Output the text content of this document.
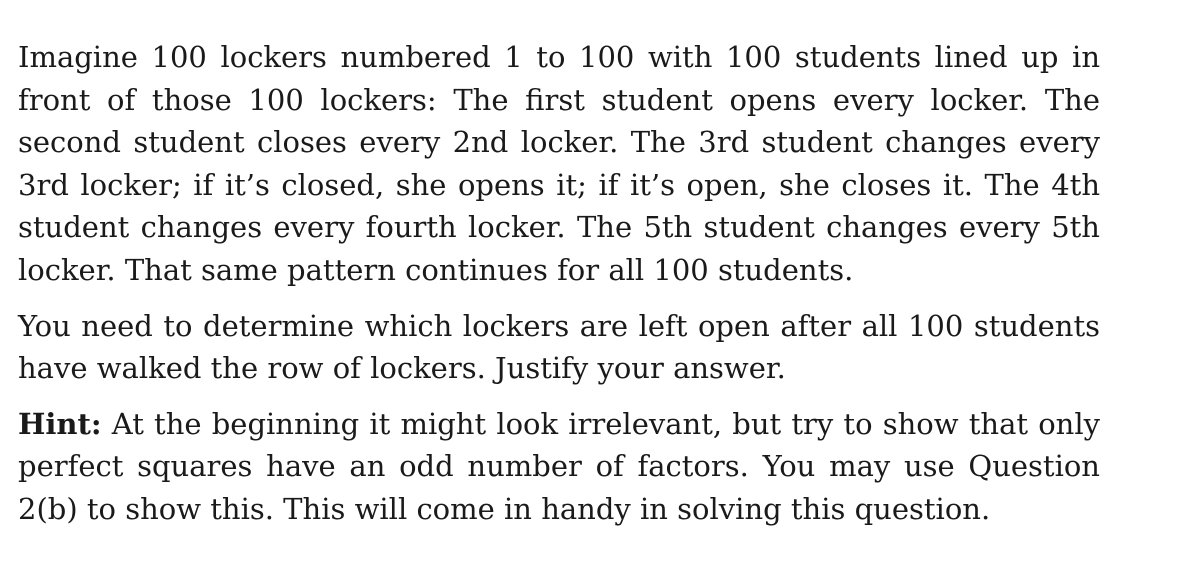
Imagine 100 lockers numbered 1 to 100 with 100 students lined up in front of those 100 lockers: The first student opens every locker. The second student closes every 2nd locker. The 3rd student changes every 3rd locker; if it’s closed, she opens it; if it’s open, she closes it. The 4th student changes every fourth locker. The 5th student changes every 5th locker. That same pattern continues for all 100 students.

You need to determine which lockers are left open after all 100 students have walked the row of lockers. Justify your answer.

Hint: At the beginning it might look irrelevant, but try to show that only perfect squares have an odd number of factors. You may use Question 2(b) to show this. This will come in handy in solving this question.
